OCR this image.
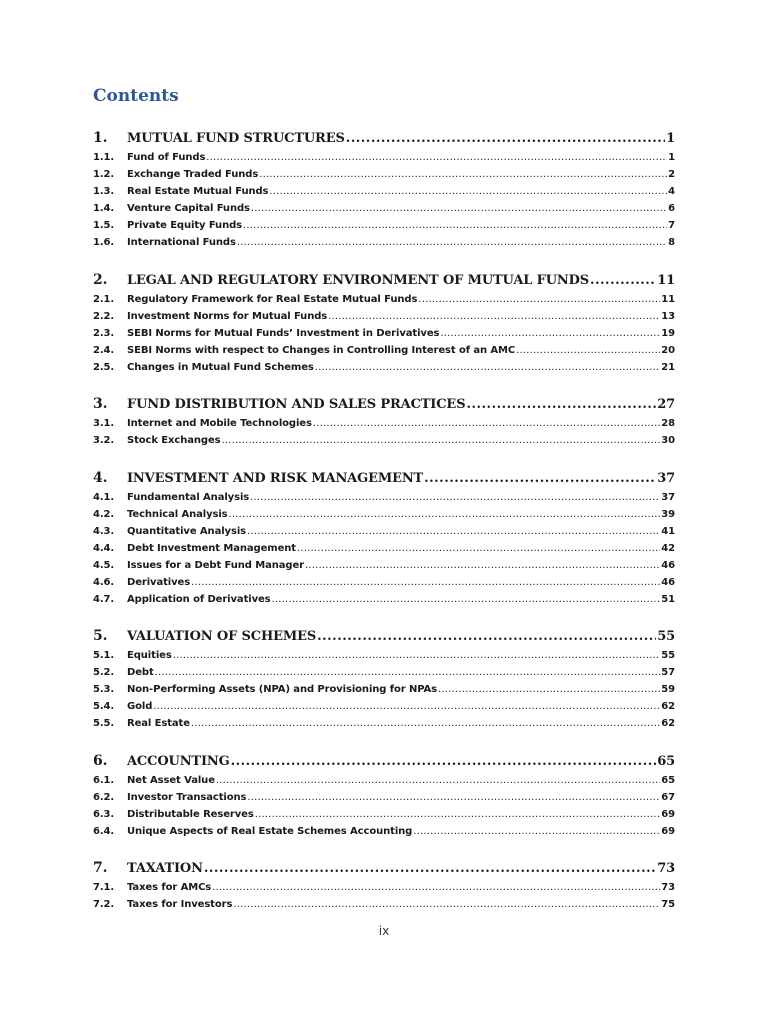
Contents
1.	MUTUAL FUND STRUCTURES .....	1
1.1.	Fund of Funds .....	1
1.2.	Exchange Traded Funds .....	2
1.3.	Real Estate Mutual Funds .....	4
1.4.	Venture Capital Funds .....	6
1.5.	Private Equity Funds .....	7
1.6.	International Funds .....	8
2.	LEGAL AND REGULATORY ENVIRONMENT OF MUTUAL FUNDS .....	11
2.1.	Regulatory Framework for Real Estate Mutual Funds .....	11
2.2.	Investment Norms for Mutual Funds .....	13
2.3.	SEBI Norms for Mutual Funds’ Investment in Derivatives .....	19
2.4.	SEBI Norms with respect to Changes in Controlling Interest of an AMC .....	20
2.5.	Changes in Mutual Fund Schemes .....	21
3.	FUND DISTRIBUTION AND SALES PRACTICES .....	27
3.1.	Internet and Mobile Technologies .....	28
3.2.	Stock Exchanges .....	30
4.	INVESTMENT AND RISK MANAGEMENT .....	37
4.1.	Fundamental Analysis .....	37
4.2.	Technical Analysis .....	39
4.3.	Quantitative Analysis .....	41
4.4.	Debt Investment Management .....	42
4.5.	Issues for a Debt Fund Manager .....	46
4.6.	Derivatives .....	46
4.7.	Application of Derivatives .....	51
5.	VALUATION OF SCHEMES .....	55
5.1.	Equities .....	55
5.2.	Debt .....	57
5.3.	Non-Performing Assets (NPA) and Provisioning for NPAs .....	59
5.4.	Gold .....	62
5.5.	Real Estate .....	62
6.	ACCOUNTING .....	65
6.1.	Net Asset Value .....	65
6.2.	Investor Transactions .....	67
6.3.	Distributable Reserves .....	69
6.4.	Unique Aspects of Real Estate Schemes Accounting .....	69
7.	TAXATION .....	73
7.1.	Taxes for AMCs .....	73
7.2.	Taxes for Investors .....	75
ix
